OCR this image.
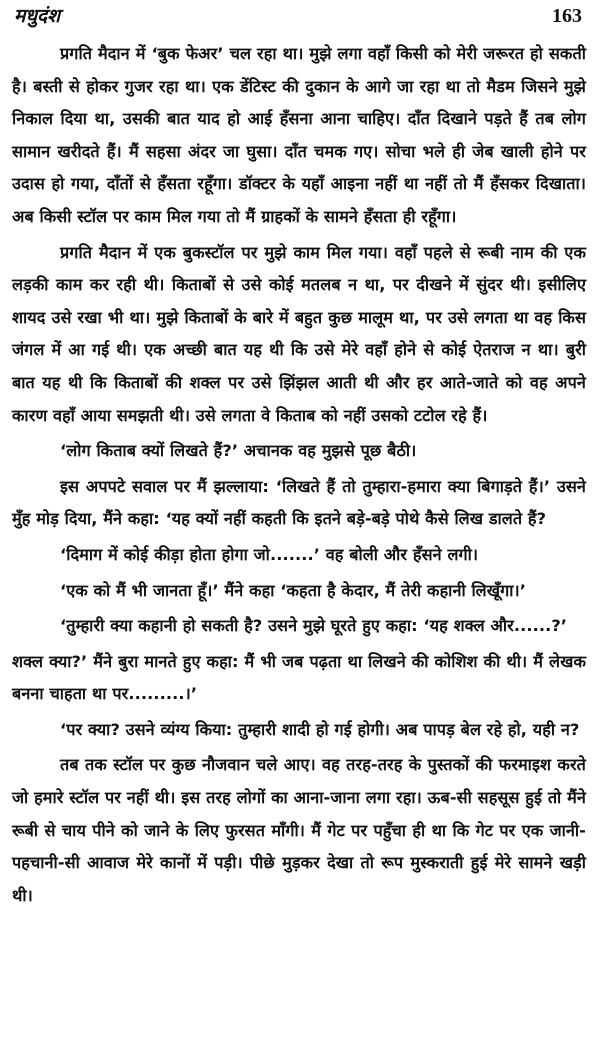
मधुदंश	163

प्रगति मैदान में ‘बुक फेअर’ चल रहा था। मुझे लगा वहाँ किसी को मेरी जरूरत हो सकती है। बस्ती से होकर गुजर रहा था। एक डेंटिस्ट की दुकान के आगे जा रहा था तो मैडम जिसने मुझे निकाल दिया था, उसकी बात याद हो आई हँसना आना चाहिए। दाँत दिखाने पड़ते हैं तब लोग सामान खरीदते हैं। मैं सहसा अंदर जा घुसा। दाँत चमक गए। सोचा भले ही जेब खाली होने पर उदास हो गया, दाँतों से हँसता रहूँगा। डॉक्टर के यहाँ आइना नहीं था नहीं तो मैं हँसकर दिखाता। अब किसी स्टॉल पर काम मिल गया तो मैं ग्राहकों के सामने हँसता ही रहूँगा।

प्रगति मैदान में एक बुकस्टॉल पर मुझे काम मिल गया। वहाँ पहले से रूबी नाम की एक लड़की काम कर रही थी। किताबों से उसे कोई मतलब न था, पर दीखने में सुंदर थी। इसीलिए शायद उसे रखा भी था। मुझे किताबों के बारे में बहुत कुछ मालूम था, पर उसे लगता था वह किस जंगल में आ गई थी। एक अच्छी बात यह थी कि उसे मेरे वहाँ होने से कोई ऐतराज न था। बुरी बात यह थी कि किताबों की शक्ल पर उसे झिंझल आती थी और हर आते-जाते को वह अपने कारण वहाँ आया समझती थी। उसे लगता वे किताब को नहीं उसको टटोल रहे हैं।

‘लोग किताब क्यों लिखते हैं?’ अचानक वह मुझसे पूछ बैठी।

इस अपपटे सवाल पर मैं झल्लाया: ‘लिखते हैं तो तुम्हारा-हमारा क्या बिगाड़ते हैं।’ उसने मुँह मोड़ दिया, मैंने कहा: ‘यह क्यों नहीं कहती कि इतने बड़े-बड़े पोथे कैसे लिख डालते हैं?

‘दिमाग में कोई कीड़ा होता होगा जो.......’ वह बोली और हँसने लगी।

‘एक को मैं भी जानता हूँ।’ मैंने कहा ‘कहता है केदार, मैं तेरी कहानी लिखूँगा।’

‘तुम्हारी क्या कहानी हो सकती है? उसने मुझे घूरते हुए कहा: ‘यह शक्ल और......?’

शक्ल क्या?’ मैंने बुरा मानते हुए कहा: मैं भी जब पढ़ता था लिखने की कोशिश की थी। मैं लेखक बनना चाहता था पर.........।’

‘पर क्या? उसने व्यंग्य किया: तुम्हारी शादी हो गई होगी। अब पापड़ बेल रहे हो, यही न?

तब तक स्टॉल पर कुछ नौजवान चले आए। वह तरह-तरह के पुस्तकों की फरमाइश करते जो हमारे स्टॉल पर नहीं थी। इस तरह लोगों का आना-जाना लगा रहा। ऊब-सी सहसूस हुई तो मैंने रूबी से चाय पीने को जाने के लिए फुरसत माँगी। मैं गेट पर पहुँचा ही था कि गेट पर एक जानी-पहचानी-सी आवाज मेरे कानों में पड़ी। पीछे मुड़कर देखा तो रूप मुस्कराती हुई मेरे सामने खड़ी थी।
